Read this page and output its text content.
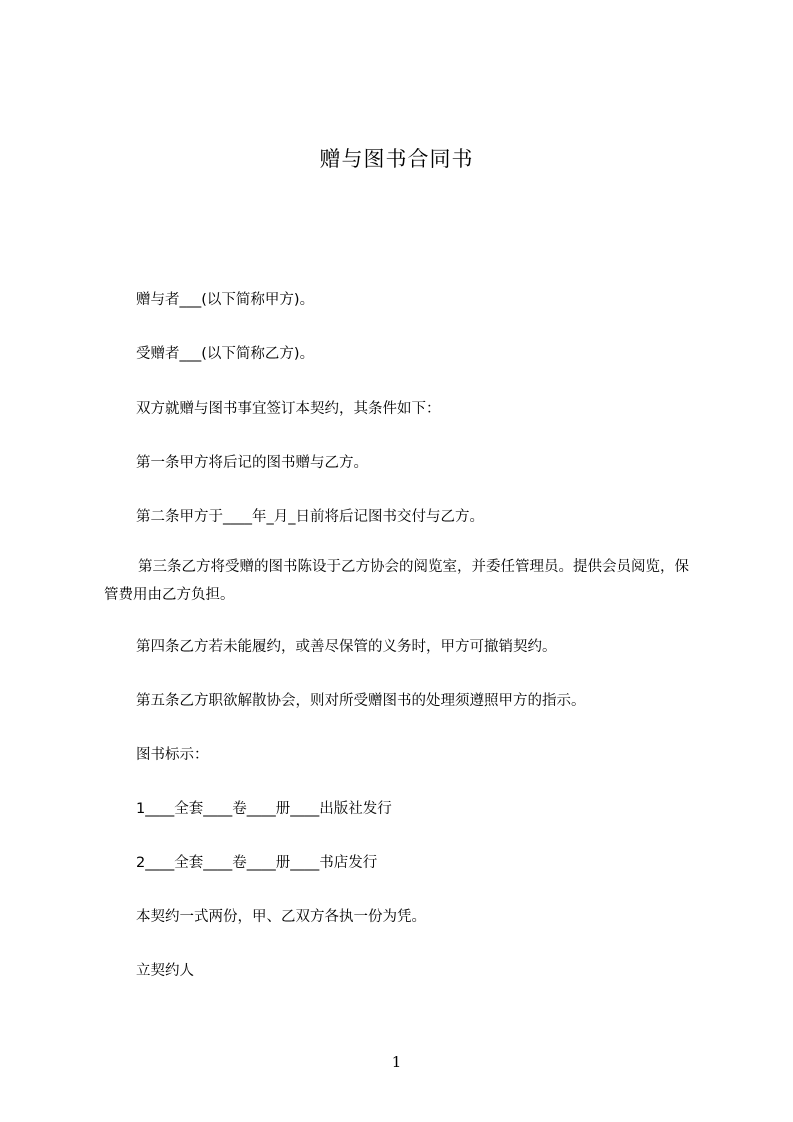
赠与图书合同书
赠与者___(以下简称甲方)。
受赠者___(以下简称乙方)。
双方就赠与图书事宜签订本契约，其条件如下：
第一条甲方将后记的图书赠与乙方。
第二条甲方于____年_月_日前将后记图书交付与乙方。
第三条乙方将受赠的图书陈设于乙方协会的阅览室，并委任管理员。提供会员阅览，保管费用由乙方负担。
第四条乙方若未能履约，或善尽保管的义务时，甲方可撤销契约。
第五条乙方职欲解散协会，则对所受赠图书的处理须遵照甲方的指示。
图书标示：
1____全套____卷____册____出版社发行
2____全套____卷____册____书店发行
本契约一式两份，甲、乙双方各执一份为凭。
立契约人
1
